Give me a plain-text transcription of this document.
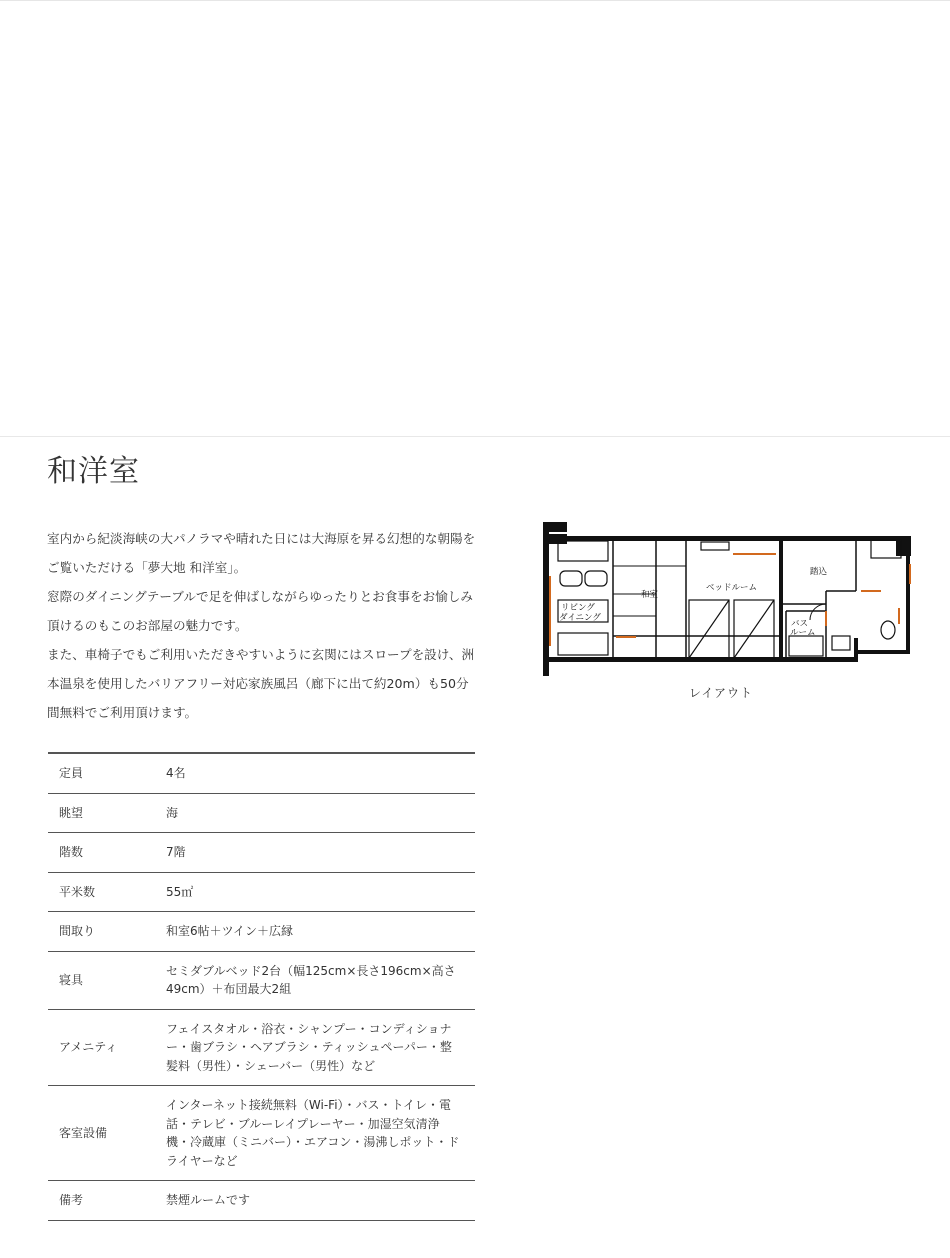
和洋室

室内から紀淡海峡の大パノラマや晴れた日には大海原を昇る幻想的な朝陽をご覧いただける「夢大地 和洋室」。

窓際のダイニングテーブルで足を伸ばしながらゆったりとお食事をお愉しみ頂けるのもこのお部屋の魅力です。

また、車椅子でもご利用いただきやすいように玄関にはスロープを設け、洲本温泉を使用したバリアフリー対応家族風呂（廊下に出て約20m）も50分間無料でご利用頂けます。

定員	4名
眺望	海
階数	7階
平米数	55㎡
間取り	和室6帖＋ツイン＋広縁
寝具	セミダブルベッド2台（幅125cm×長さ196cm×高さ49cm）＋布団最大2組
アメニティ	フェイスタオル・浴衣・シャンプー・コンディショナー・歯ブラシ・ヘアブラシ・ティッシュペーパー・整髪料（男性）・シェーバー（男性）など
客室設備	インターネット接続無料（Wi-Fi）・バス・トイレ・電話・テレビ・ブルーレイプレーヤー・加湿空気清浄機・冷蔵庫（ミニバー）・エアコン・湯沸しポット・ドライヤーなど
備考	禁煙ルームです
リビング
ダイニング
和室
ベッドルーム
踏込
バス
ルーム
レイアウト
